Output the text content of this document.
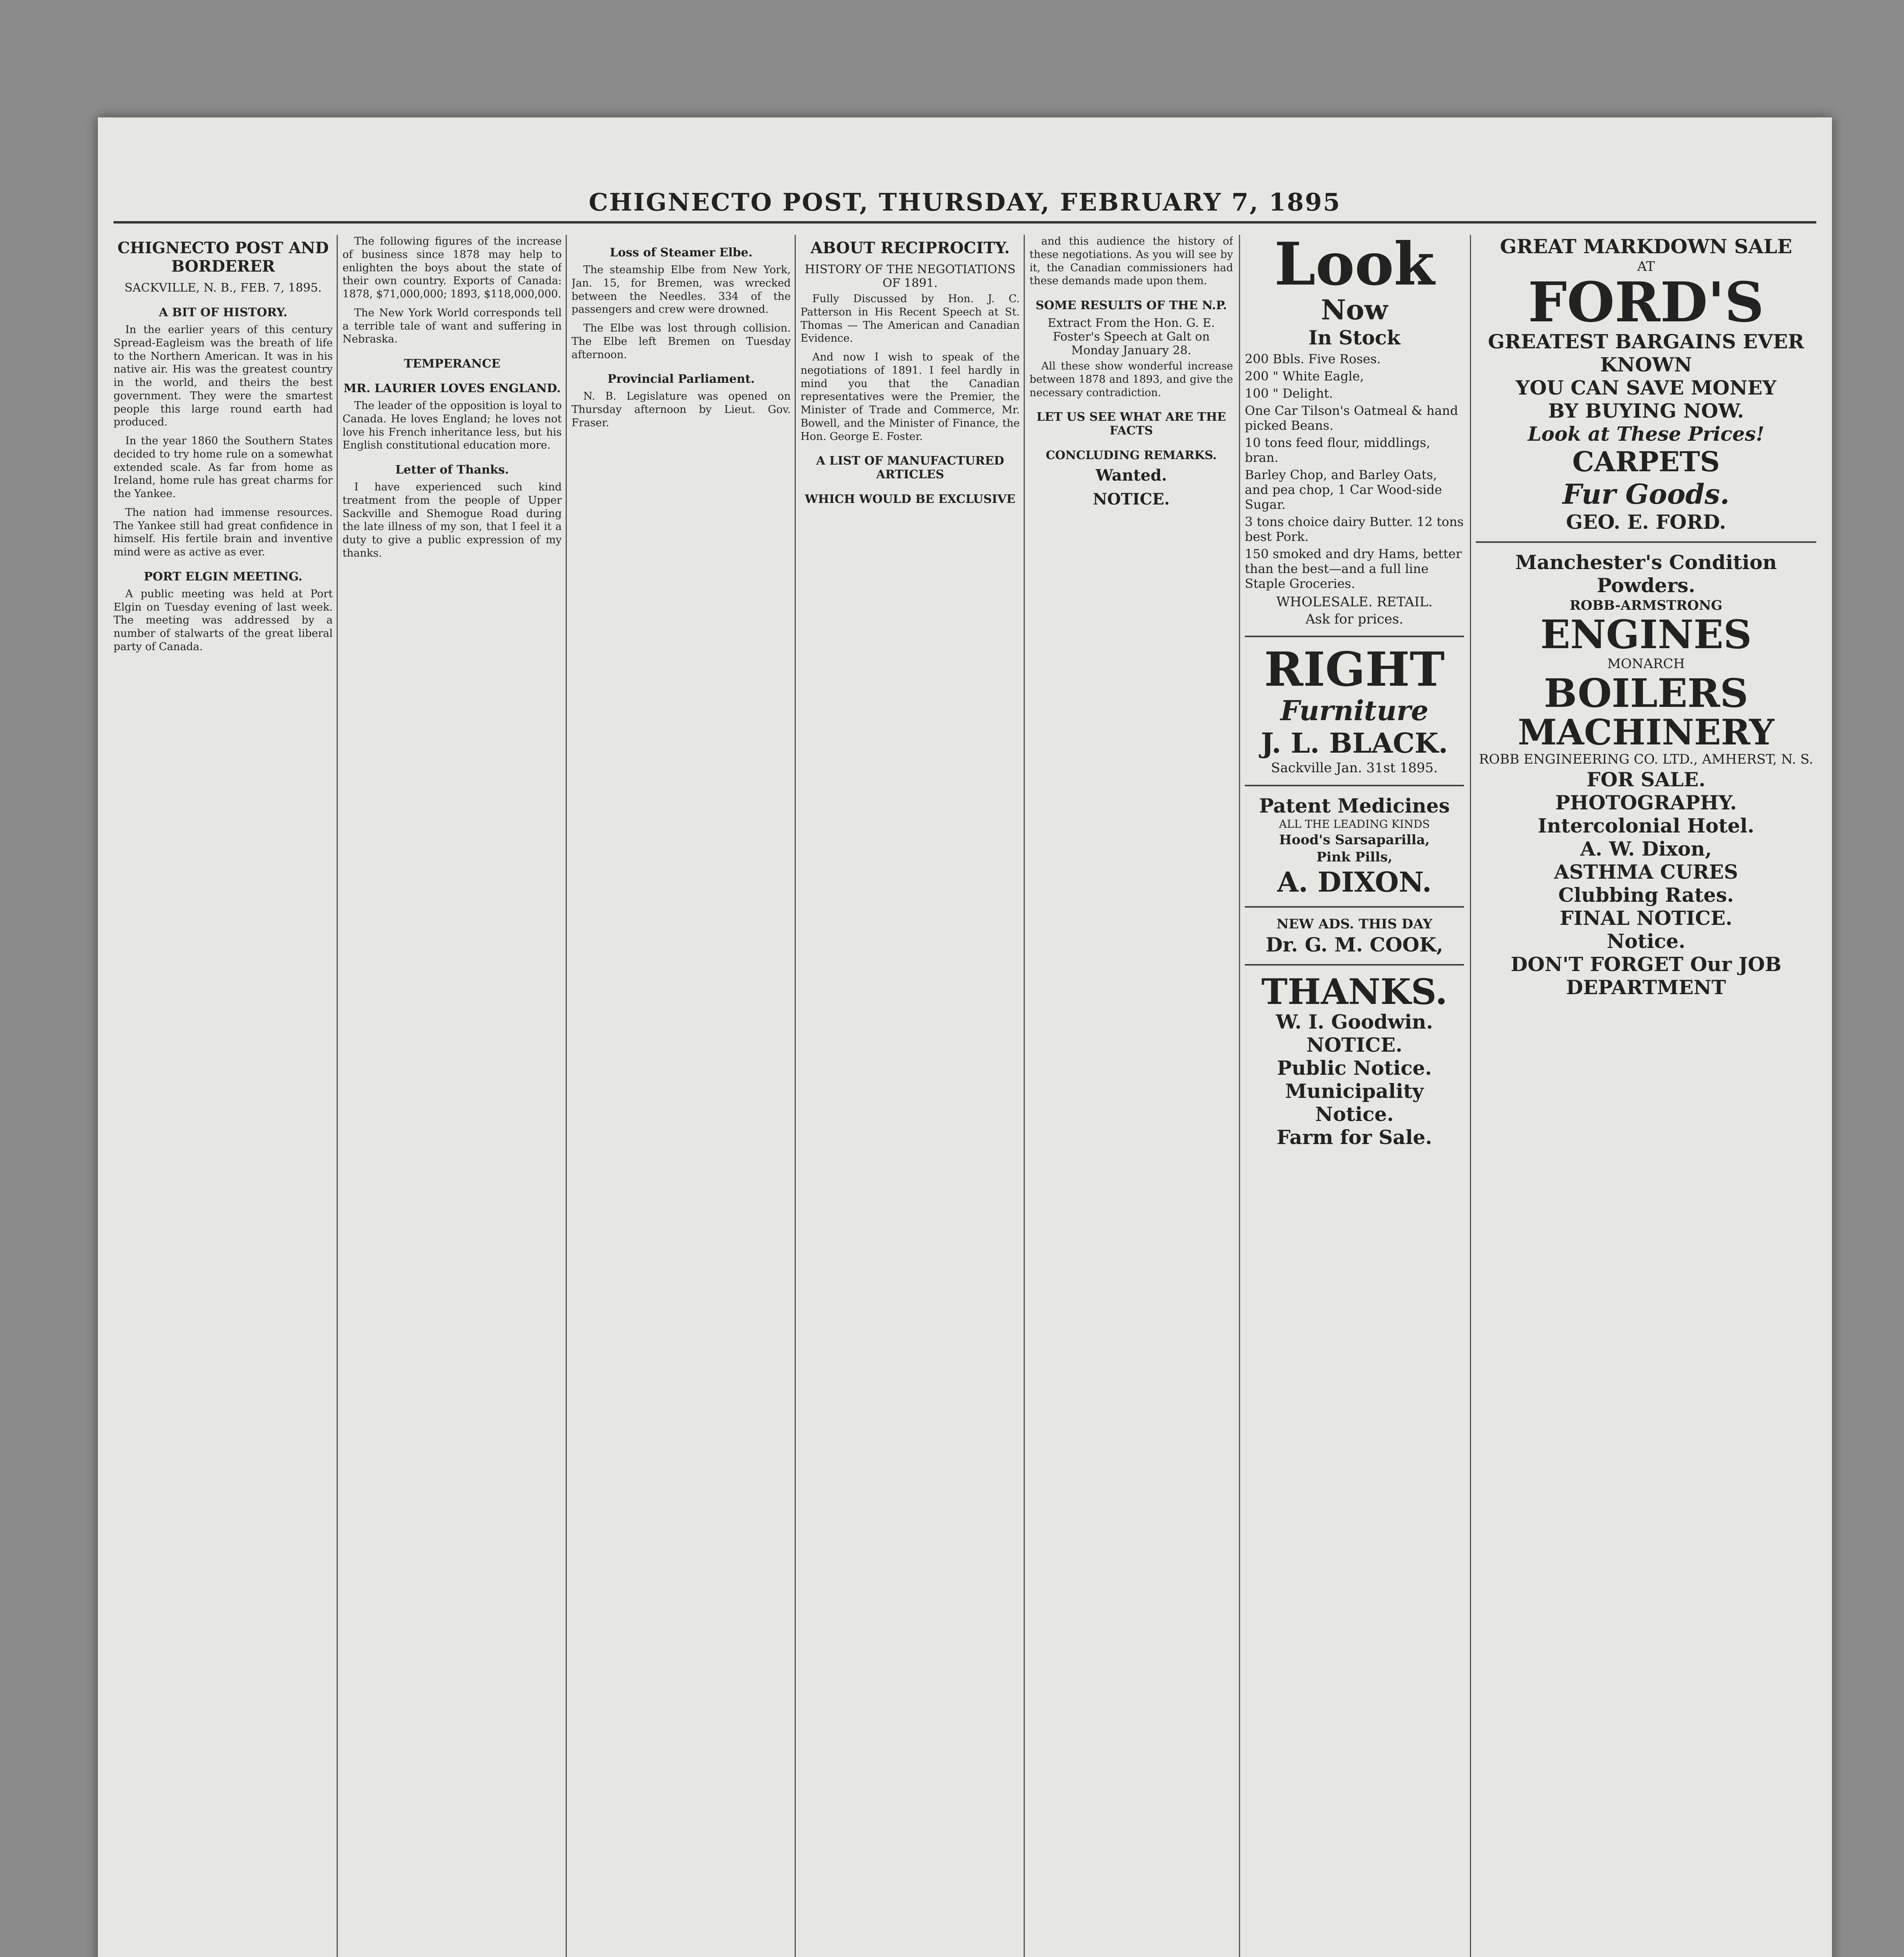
CHIGNECTO POST, THURSDAY, FEBRUARY 7, 1895
CHIGNECTO POST AND BORDERER
SACKVILLE, N. B., FEB. 7, 1895.
A BIT OF HISTORY.

In the earlier years of this century Spread-Eagleism was the breath of life to the Northern American. It was in his native air. His was the greatest country in the world, and theirs the best government. They were the smartest people this large round earth had produced.

In the year 1860 the Southern States decided to try home rule on a somewhat extended scale. As far from home as Ireland, home rule has great charms for the Yankee.

The nation had immense resources. The Yankee still had great confidence in himself. His fertile brain and inventive mind were as active as ever.

PORT ELGIN MEETING.

A public meeting was held at Port Elgin on Tuesday evening of last week. The meeting was addressed by a number of stalwarts of the great liberal party of Canada.

The following figures of the increase of business since 1878 may help to enlighten the boys about the state of their own country. Exports of Canada: 1878, $71,000,000; 1893, $118,000,000.

The New York World corresponds tell a terrible tale of want and suffering in Nebraska.

TEMPERANCE
MR. LAURIER LOVES ENGLAND.

The leader of the opposition is loyal to Canada. He loves England; he loves not love his French inheritance less, but his English constitutional education more.

Letter of Thanks.

I have experienced such kind treatment from the people of Upper Sackville and Shemogue Road during the late illness of my son, that I feel it a duty to give a public expression of my thanks.

Loss of Steamer Elbe.

The steamship Elbe from New York, Jan. 15, for Bremen, was wrecked between the Needles. 334 of the passengers and crew were drowned.

The Elbe was lost through collision. The Elbe left Bremen on Tuesday afternoon.

Provincial Parliament.

N. B. Legislature was opened on Thursday afternoon by Lieut. Gov. Fraser.

ABOUT RECIPROCITY.
HISTORY OF THE NEGOTIATIONS OF 1891.

Fully Discussed by Hon. J. C. Patterson in His Recent Speech at St. Thomas — The American and Canadian Evidence.

And now I wish to speak of the negotiations of 1891. I feel hardly in mind you that the Canadian representatives were the Premier, the Minister of Trade and Commerce, Mr. Bowell, and the Minister of Finance, the Hon. George E. Foster.

A LIST OF MANUFACTURED ARTICLES
WHICH WOULD BE EXCLUSIVE

and this audience the history of these negotiations. As you will see by it, the Canadian commissioners had these demands made upon them.

SOME RESULTS OF THE N.P.
Extract From the Hon. G. E. Foster's Speech at Galt on Monday January 28.

All these show wonderful increase between 1878 and 1893, and give the necessary contradiction.

LET US SEE WHAT ARE THE FACTS
CONCLUDING REMARKS.
Wanted.
NOTICE.
Look
Now
In Stock
200 Bbls. Five Roses.
200 " White Eagle,
100 " Delight.
One Car Tilson's Oatmeal & hand picked Beans.
10 tons feed flour, middlings, bran.
Barley Chop, and Barley Oats, and pea chop, 1 Car Wood-side Sugar.
3 tons choice dairy Butter. 12 tons best Pork.
150 smoked and dry Hams, better than the best—and a full line Staple Groceries.
WHOLESALE. RETAIL.
Ask for prices.
RIGHT
Furniture
J. L. BLACK.
Sackville Jan. 31st 1895.
Patent Medicines
ALL THE LEADING KINDS
Hood's Sarsaparilla,
Pink Pills,
A. DIXON.
NEW ADS. THIS DAY
Dr. G. M. COOK,
THANKS.
W. I. Goodwin.
NOTICE.
Public Notice.
Municipality Notice.
Farm for Sale.
GREAT MARKDOWN SALE
AT
FORD'S
GREATEST BARGAINS EVER KNOWN
YOU CAN SAVE MONEY
BY BUYING NOW.
Look at These Prices!
CARPETS
Fur Goods.
GEO. E. FORD.
Manchester's Condition Powders.
ROBB-ARMSTRONG
ENGINES
MONARCH
BOILERS
MACHINERY
ROBB ENGINEERING CO. LTD., AMHERST, N. S.
FOR SALE.
PHOTOGRAPHY.
Intercolonial Hotel.
A. W. Dixon,
ASTHMA CURES
Clubbing Rates.
FINAL NOTICE.
Notice.
DON'T FORGET Our JOB DEPARTMENT
